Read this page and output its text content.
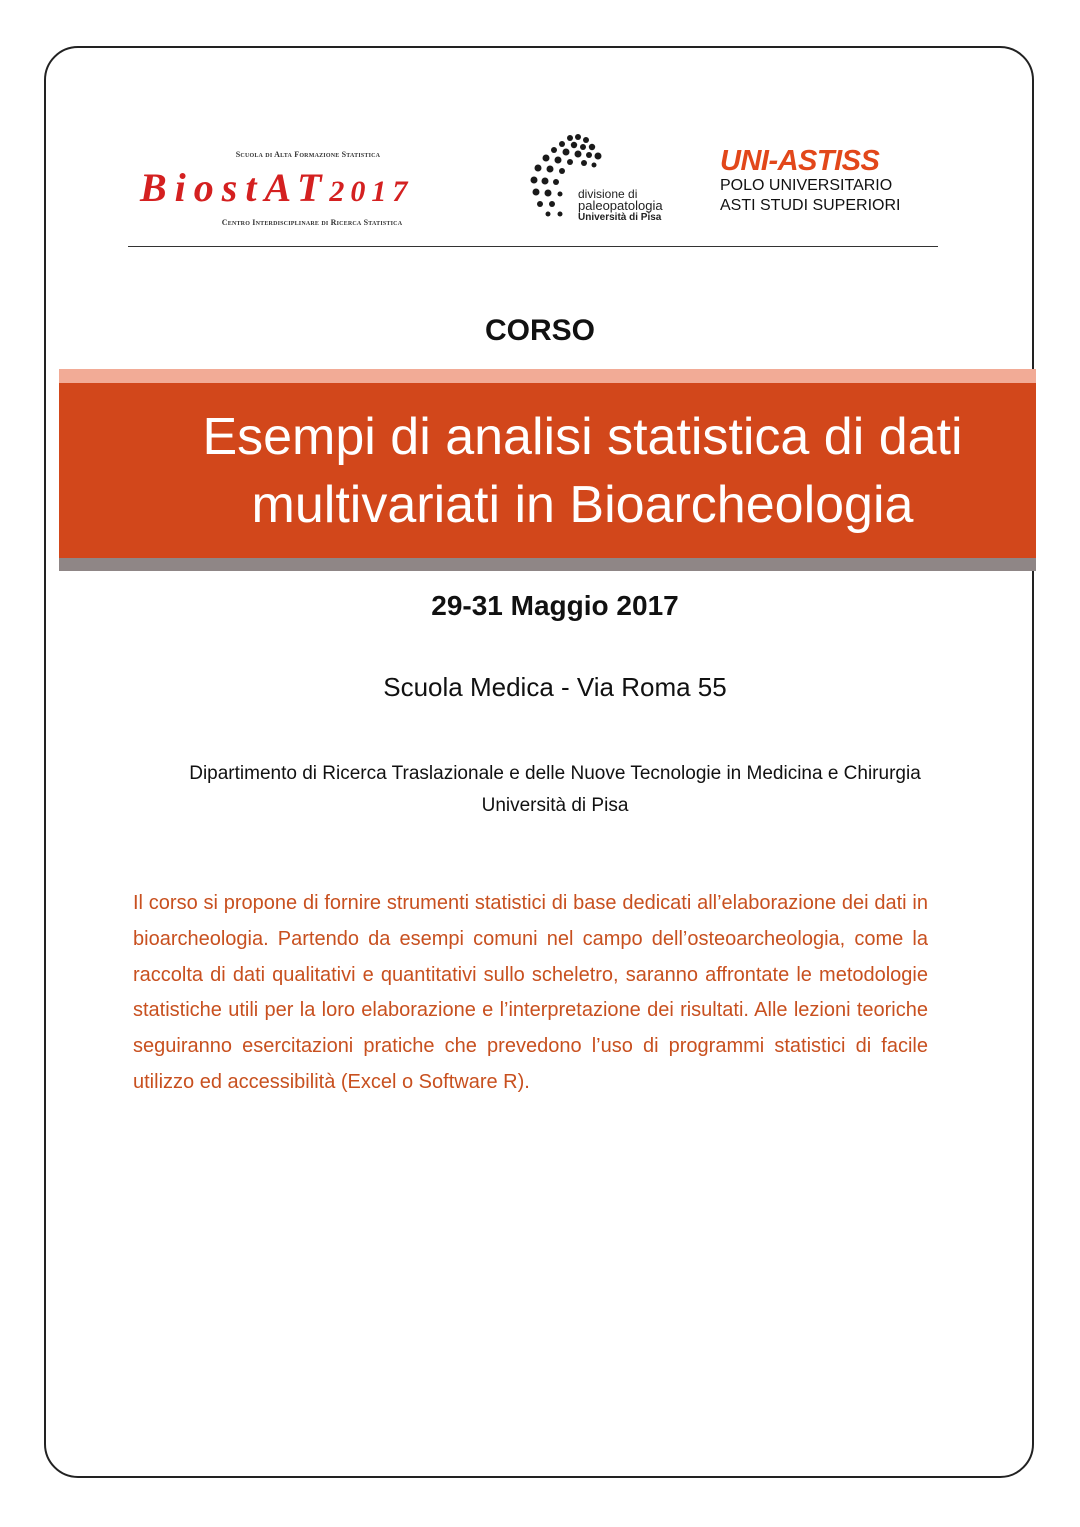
Scuola di Alta Formazione Statistica
BiostAT2017
Centro Interdisciplinare di Ricerca Statistica
divisione di
paleopatologia
Università di Pisa
UNI-ASTISS
POLO UNIVERSITARIO
ASTI STUDI SUPERIORI
CORSO
Esempi di analisi statistica di dati
multivariati in Bioarcheologia
29-31 Maggio 2017
Scuola Medica - Via Roma 55
Dipartimento di Ricerca Traslazionale e delle Nuove Tecnologie in Medicina e Chirurgia
Università di Pisa
Il corso si propone di fornire strumenti statistici di base dedicati all’elaborazione dei dati in bioarcheologia. Partendo da esempi comuni nel campo dell’osteoarcheologia, come la raccolta di dati qualitativi e quantitativi sullo scheletro, saranno affrontate le metodologie statistiche utili per la loro elaborazione e l’interpretazione dei risultati. Alle lezioni teoriche seguiranno esercitazioni pratiche che prevedono l’uso di programmi statistici di facile utilizzo ed accessibilità (Excel o Software R).
